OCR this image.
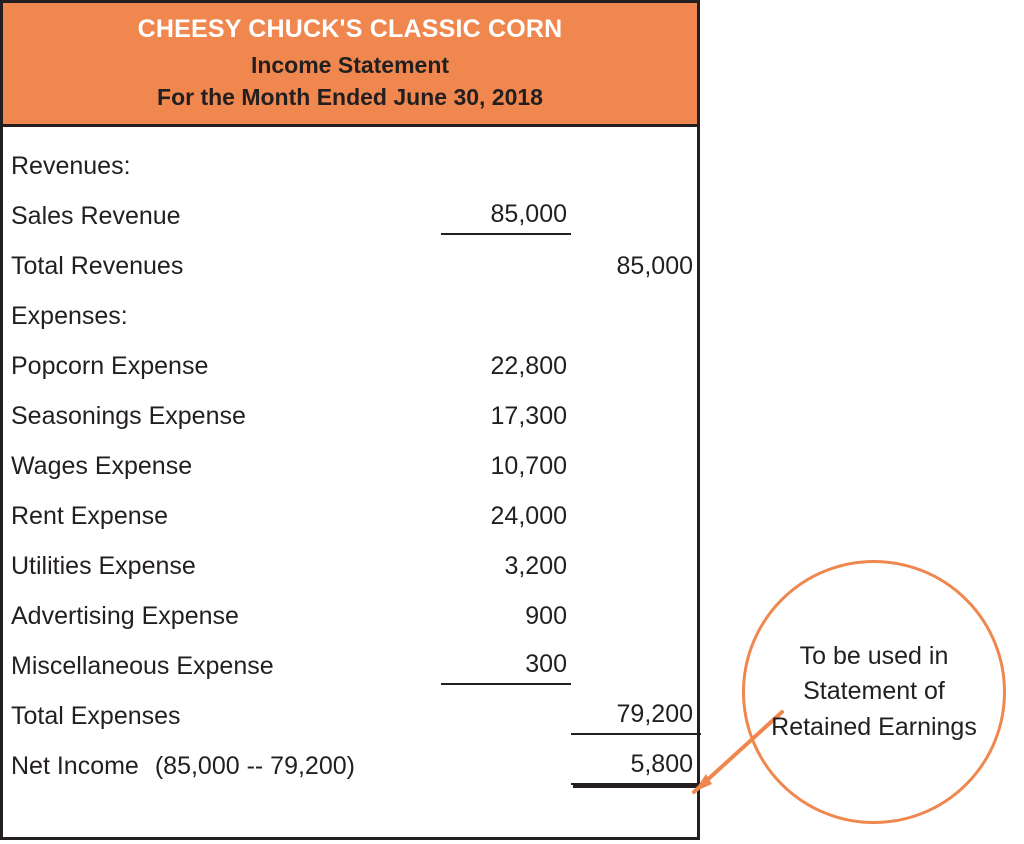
CHEESY CHUCK'S CLASSIC CORN
Income Statement
For the Month Ended June 30, 2018
Revenues:
Sales Revenue	85,000
Total Revenues	85,000
Expenses:
Popcorn Expense	22,800
Seasonings Expense	17,300
Wages Expense	10,700
Rent Expense	24,000
Utilities Expense	3,200
Advertising Expense	900
Miscellaneous Expense	300
Total Expenses	79,200
Net Income (85,000 -- 79,200)	5,800
To be used in Statement of Retained Earnings
